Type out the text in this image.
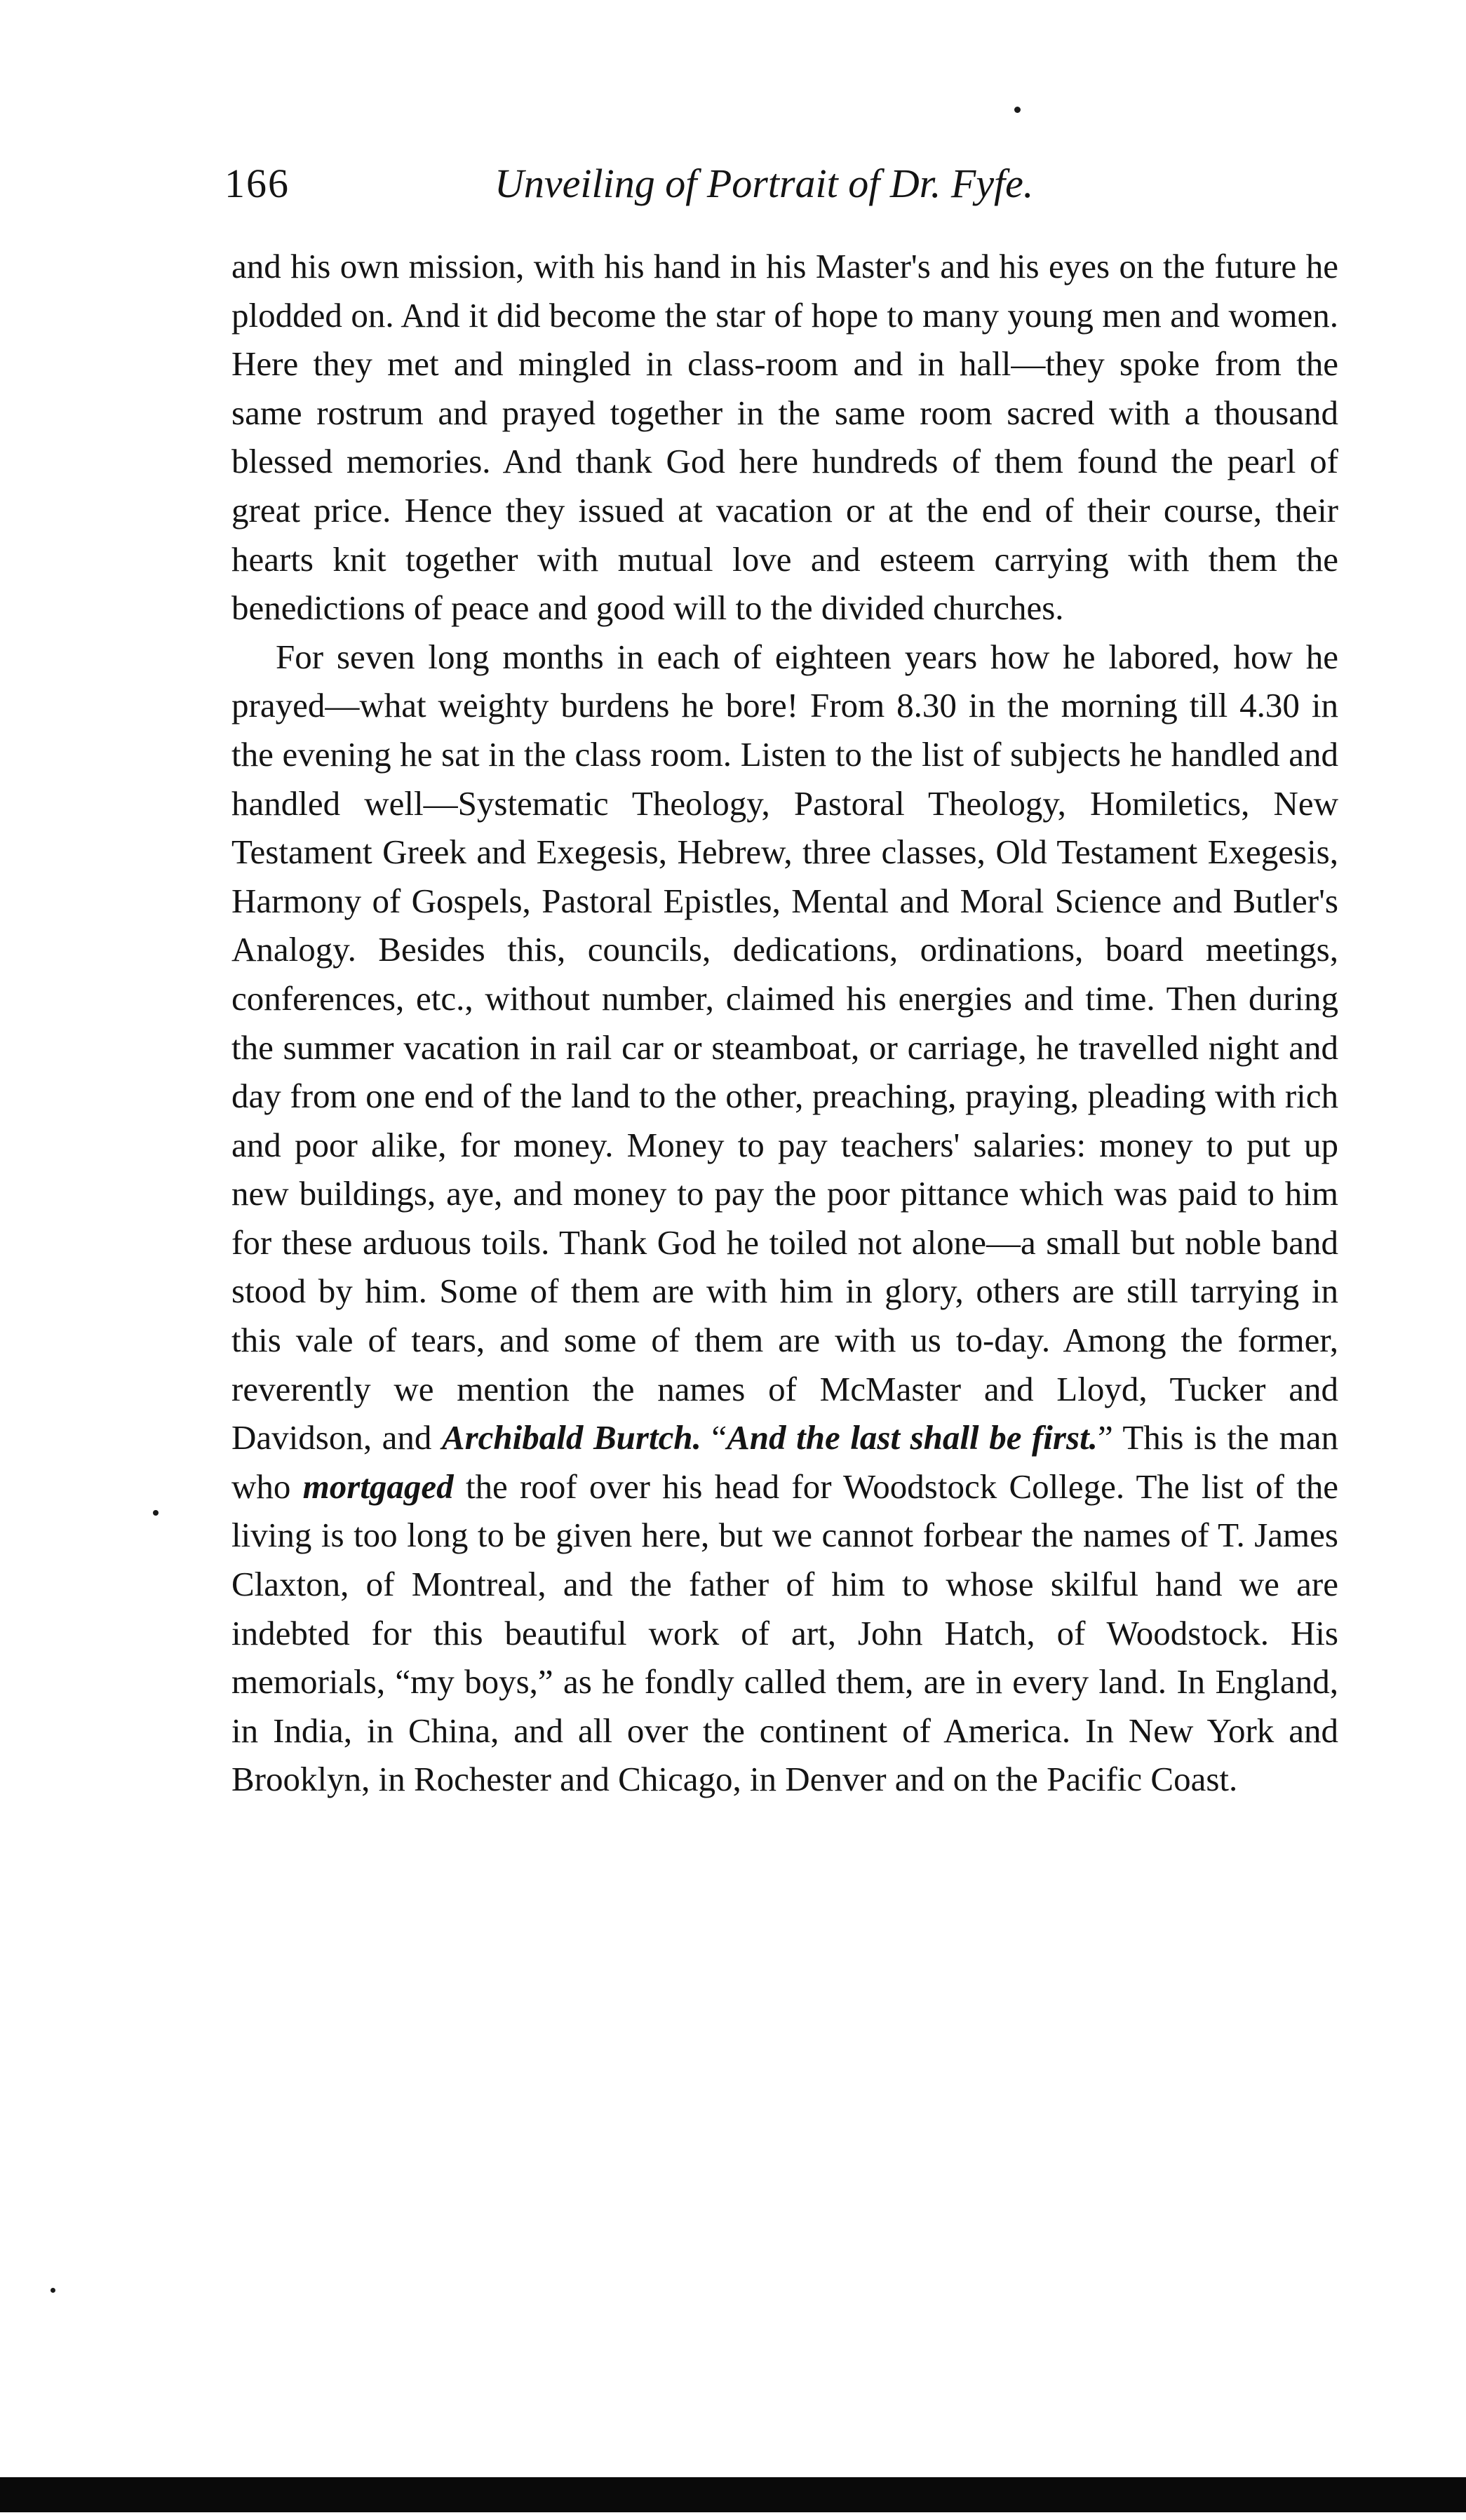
166	Unveiling of Portrait of Dr. Fyfe.

and his own mission, with his hand in his Master's and his eyes on the future he plodded on. And it did become the star of hope to many young men and women. Here they met and mingled in class-room and in hall—they spoke from the same rostrum and prayed together in the same room sacred with a thousand blessed memories. And thank God here hundreds of them found the pearl of great price. Hence they issued at vacation or at the end of their course, their hearts knit together with mutual love and esteem carrying with them the benedictions of peace and good will to the divided churches.

For seven long months in each of eighteen years how he labored, how he prayed—what weighty burdens he bore! From 8.30 in the morning till 4.30 in the evening he sat in the class room. Listen to the list of subjects he handled and handled well—Systematic Theology, Pastoral Theology, Homiletics, New Testament Greek and Exegesis, Hebrew, three classes, Old Testament Exegesis, Harmony of Gospels, Pastoral Epistles, Mental and Moral Science and Butler's Analogy. Besides this, councils, dedications, ordinations, board meetings, conferences, etc., without number, claimed his energies and time. Then during the summer vacation in rail car or steamboat, or carriage, he travelled night and day from one end of the land to the other, preaching, praying, pleading with rich and poor alike, for money. Money to pay teachers' salaries: money to put up new buildings, aye, and money to pay the poor pittance which was paid to him for these arduous toils. Thank God he toiled not alone—a small but noble band stood by him. Some of them are with him in glory, others are still tarrying in this vale of tears, and some of them are with us to-day. Among the former, reverently we mention the names of McMaster and Lloyd, Tucker and Davidson, and Archibald Burtch. “And the last shall be first.” This is the man who mortgaged the roof over his head for Woodstock College. The list of the living is too long to be given here, but we cannot forbear the names of T. James Claxton, of Montreal, and the father of him to whose skilful hand we are indebted for this beautiful work of art, John Hatch, of Woodstock. His memorials, “my boys,” as he fondly called them, are in every land. In England, in India, in China, and all over the continent of America. In New York and Brooklyn, in Rochester and Chicago, in Denver and on the Pacific Coast.
